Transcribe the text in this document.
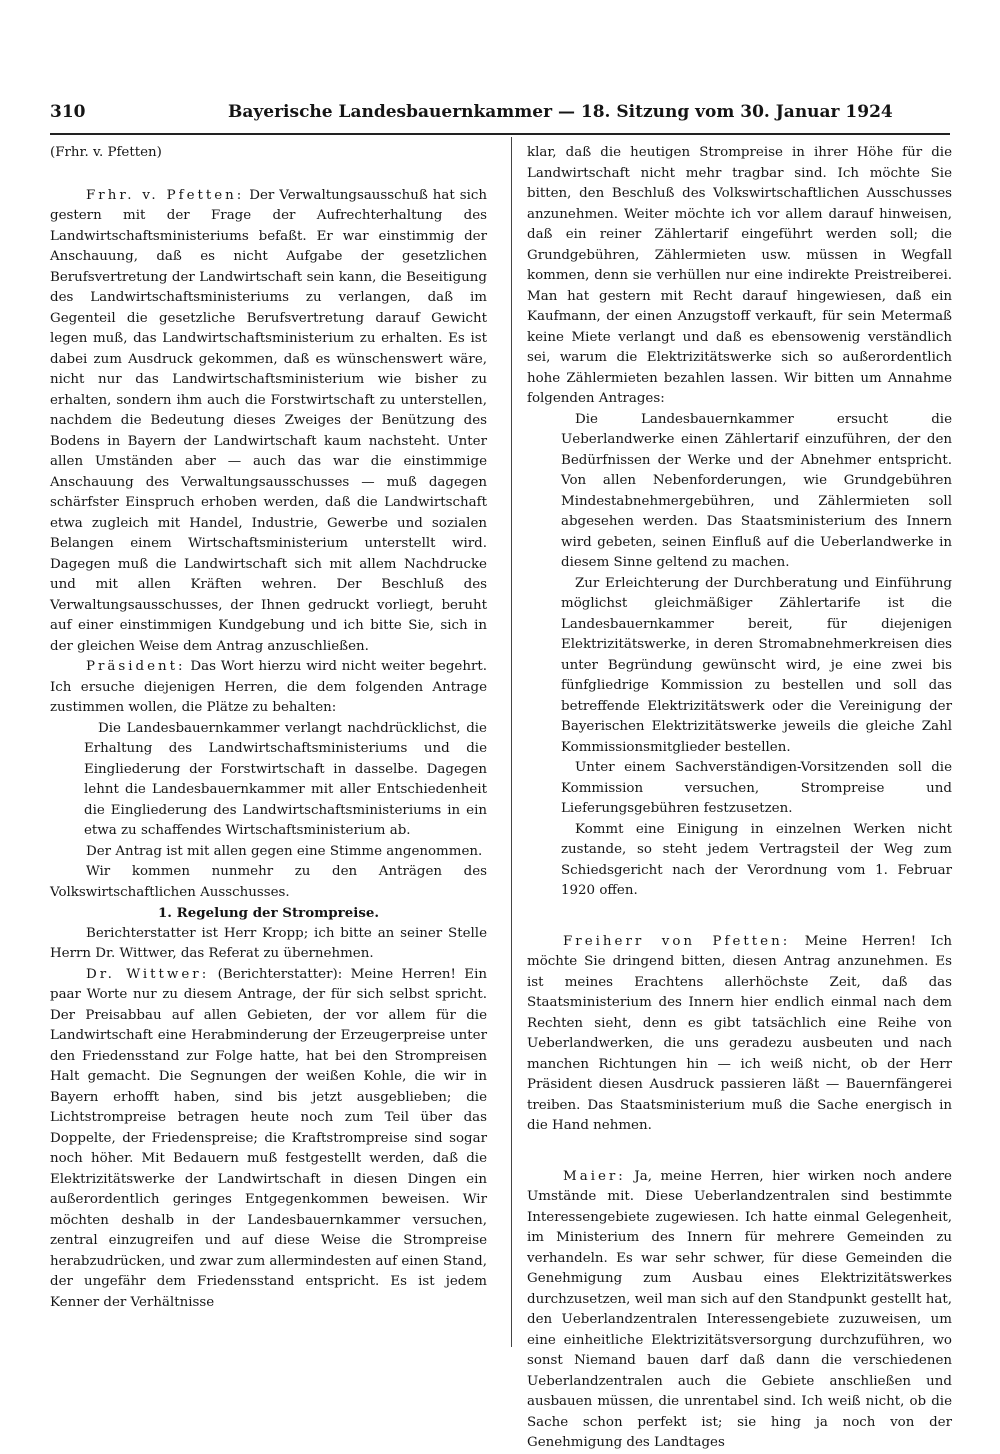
310	Bayerische Landesbauernkammer — 18. Sitzung vom 30. Januar 1924

(Frhr. v. Pfetten)

Frhr. v. Pfetten: Der Verwaltungsausschuß hat sich gestern mit der Frage der Aufrechterhaltung des Landwirtschaftsministeriums befaßt. Er war einstimmig der Anschauung, daß es nicht Aufgabe der gesetzlichen Berufsvertretung der Landwirtschaft sein kann, die Beseitigung des Landwirtschaftsministeriums zu verlangen, daß im Gegenteil die gesetzliche Berufsvertretung darauf Gewicht legen muß, das Landwirtschaftsministerium zu erhalten. Es ist dabei zum Ausdruck gekommen, daß es wünschenswert wäre, nicht nur das Landwirtschaftsministerium wie bisher zu erhalten, sondern ihm auch die Forstwirtschaft zu unterstellen, nachdem die Bedeutung dieses Zweiges der Benützung des Bodens in Bayern der Landwirtschaft kaum nachsteht. Unter allen Umständen aber — auch das war die einstimmige Anschauung des Verwaltungsausschusses — muß dagegen schärfster Einspruch erhoben werden, daß die Landwirtschaft etwa zugleich mit Handel, Industrie, Gewerbe und sozialen Belangen einem Wirtschaftsministerium unterstellt wird. Dagegen muß die Landwirtschaft sich mit allem Nachdrucke und mit allen Kräften wehren. Der Beschluß des Verwaltungsausschusses, der Ihnen gedruckt vorliegt, beruht auf einer einstimmigen Kundgebung und ich bitte Sie, sich in der gleichen Weise dem Antrag anzuschließen.

Präsident: Das Wort hierzu wird nicht weiter begehrt. Ich ersuche diejenigen Herren, die dem folgenden Antrage zustimmen wollen, die Plätze zu behalten:

Die Landesbauernkammer verlangt nachdrücklichst, die Erhaltung des Landwirtschaftsministeriums und die Eingliederung der Forstwirtschaft in dasselbe. Dagegen lehnt die Landesbauernkammer mit aller Entschiedenheit die Eingliederung des Landwirtschaftsministeriums in ein etwa zu schaffendes Wirtschaftsministerium ab.

Der Antrag ist mit allen gegen eine Stimme angenommen.

Wir kommen nunmehr zu den Anträgen des Volkswirtschaftlichen Ausschusses.

1. Regelung der Strompreise.

Berichterstatter ist Herr Kropp; ich bitte an seiner Stelle Herrn Dr. Wittwer, das Referat zu übernehmen.

Dr. Wittwer: (Berichterstatter): Meine Herren! Ein paar Worte nur zu diesem Antrage, der für sich selbst spricht. Der Preisabbau auf allen Gebieten, der vor allem für die Landwirtschaft eine Herabminderung der Erzeugerpreise unter den Friedensstand zur Folge hatte, hat bei den Strompreisen Halt gemacht. Die Segnungen der weißen Kohle, die wir in Bayern erhofft haben, sind bis jetzt ausgeblieben; die Lichtstrompreise betragen heute noch zum Teil über das Doppelte, der Friedenspreise; die Kraftstrompreise sind sogar noch höher. Mit Bedauern muß festgestellt werden, daß die Elektrizitätswerke der Landwirtschaft in diesen Dingen ein außerordentlich geringes Entgegenkommen beweisen. Wir möchten deshalb in der Landesbauernkammer versuchen, zentral einzugreifen und auf diese Weise die Strompreise herabzudrücken, und zwar zum allermindesten auf einen Stand, der ungefähr dem Friedensstand entspricht. Es ist jedem Kenner der Verhältnisse

klar, daß die heutigen Strompreise in ihrer Höhe für die Landwirtschaft nicht mehr tragbar sind. Ich möchte Sie bitten, den Beschluß des Volkswirtschaftlichen Ausschusses anzunehmen. Weiter möchte ich vor allem darauf hinweisen, daß ein reiner Zählertarif eingeführt werden soll; die Grundgebühren, Zählermieten usw. müssen in Wegfall kommen, denn sie verhüllen nur eine indirekte Preistreiberei. Man hat gestern mit Recht darauf hingewiesen, daß ein Kaufmann, der einen Anzugstoff verkauft, für sein Metermaß keine Miete verlangt und daß es ebensowenig verständlich sei, warum die Elektrizitätswerke sich so außerordentlich hohe Zählermieten bezahlen lassen. Wir bitten um Annahme folgenden Antrages:

Die Landesbauernkammer ersucht die Ueberlandwerke einen Zählertarif einzuführen, der den Bedürfnissen der Werke und der Abnehmer entspricht. Von allen Nebenforderungen, wie Grundgebühren Mindestabnehmergebühren, und Zählermieten soll abgesehen werden. Das Staatsministerium des Innern wird gebeten, seinen Einfluß auf die Ueberlandwerke in diesem Sinne geltend zu machen.

Zur Erleichterung der Durchberatung und Einführung möglichst gleichmäßiger Zählertarife ist die Landesbauernkammer bereit, für diejenigen Elektrizitätswerke, in deren Stromabnehmerkreisen dies unter Begründung gewünscht wird, je eine zwei bis fünfgliedrige Kommission zu bestellen und soll das betreffende Elektrizitätswerk oder die Vereinigung der Bayerischen Elektrizitätswerke jeweils die gleiche Zahl Kommissionsmitglieder bestellen.

Unter einem Sachverständigen-Vorsitzenden soll die Kommission versuchen, Strompreise und Lieferungsgebühren festzusetzen.

Kommt eine Einigung in einzelnen Werken nicht zustande, so steht jedem Vertragsteil der Weg zum Schiedsgericht nach der Verordnung vom 1. Februar 1920 offen.

Freiherr von Pfetten: Meine Herren! Ich möchte Sie dringend bitten, diesen Antrag anzunehmen. Es ist meines Erachtens allerhöchste Zeit, daß das Staatsministerium des Innern hier endlich einmal nach dem Rechten sieht, denn es gibt tatsächlich eine Reihe von Ueberlandwerken, die uns geradezu ausbeuten und nach manchen Richtungen hin — ich weiß nicht, ob der Herr Präsident diesen Ausdruck passieren läßt — Bauernfängerei treiben. Das Staatsministerium muß die Sache energisch in die Hand nehmen.

Maier: Ja, meine Herren, hier wirken noch andere Umstände mit. Diese Ueberlandzentralen sind bestimmte Interessengebiete zugewiesen. Ich hatte einmal Gelegenheit, im Ministerium des Innern für mehrere Gemeinden zu verhandeln. Es war sehr schwer, für diese Gemeinden die Genehmigung zum Ausbau eines Elektrizitätswerkes durchzusetzen, weil man sich auf den Standpunkt gestellt hat, den Ueberlandzentralen Interessengebiete zuzuweisen, um eine einheitliche Elektrizitätsversorgung durchzuführen, wo sonst Niemand bauen darf daß dann die verschiedenen Ueberlandzentralen auch die Gebiete anschließen und ausbauen müssen, die unrentabel sind. Ich weiß nicht, ob die Sache schon perfekt ist; sie hing ja noch von der Genehmigung des Landtages
